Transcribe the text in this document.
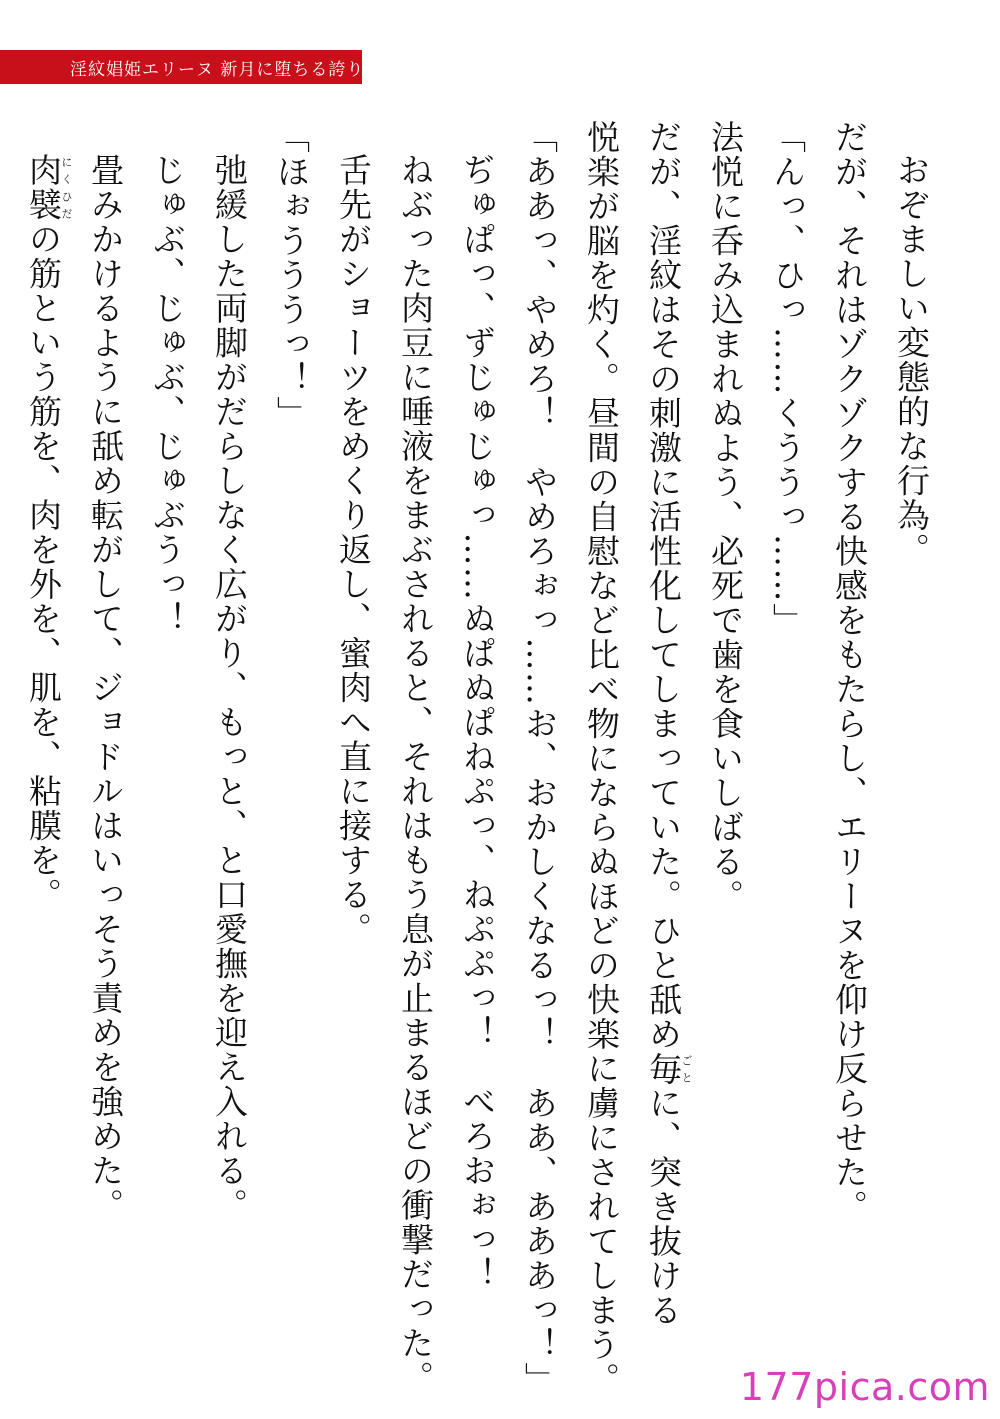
淫紋娼姫エリーヌ 新月に堕ちる誇り
おぞましい変態的な行為。
だが、それはゾクゾクする快感をもたらし、エリーヌを仰け反らせた。
「んっ、ひっ……くううっ……」
法悦に呑み込まれぬよう、必死で歯を食いしばる。
だが、淫紋はその刺激に活性化してしまっていた。ひと舐め毎ごとに、突き抜ける
悦楽が脳を灼く。昼間の自慰など比べ物にならぬほどの快楽に虜にされてしまう。
「ああっ、やめろ！　やめろぉっ……お、おかしくなるっ！　ああ、あああっ！」
ぢゅぱっ、ずじゅじゅっ……ぬぱぬぱねぷっ、ねぷぷっ！　べろおぉっ！
ねぶった肉豆に唾液をまぶされると、それはもう息が止まるほどの衝撃だった。
舌先がショーツをめくり返し、蜜肉へ直に接する。
「ほぉうううっ！」
弛緩した両脚がだらしなく広がり、もっと、と口愛撫を迎え入れる。
じゅぶ、じゅぶ、じゅぶうっ！
畳みかけるように舐め転がして、ジョドルはいっそう責めを強めた。
肉襞にくひだの筋という筋を、肉を外を、肌を、粘膜を。
177pica.com
